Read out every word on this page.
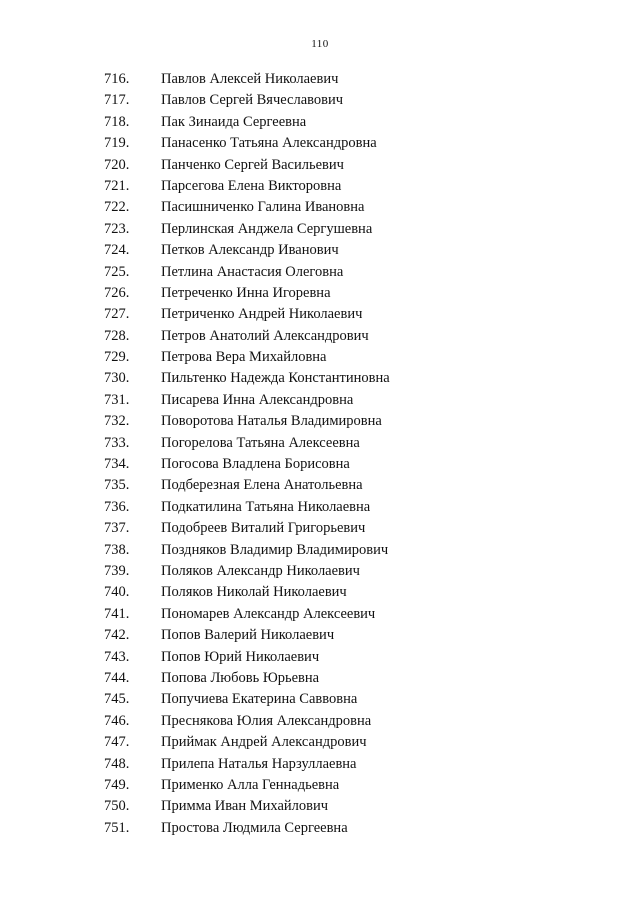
110
716. Павлов Алексей Николаевич
717. Павлов Сергей Вячеславович
718. Пак Зинаида Сергеевна
719. Панасенко Татьяна Александровна
720. Панченко Сергей Васильевич
721. Парсегова Елена Викторовна
722. Пасишниченко Галина Ивановна
723. Перлинская Анджела Сергушевна
724. Петков Александр Иванович
725. Петлина Анастасия Олеговна
726. Петреченко Инна Игоревна
727. Петриченко Андрей Николаевич
728. Петров Анатолий Александрович
729. Петрова Вера Михайловна
730. Пильтенко Надежда Константиновна
731. Писарева Инна Александровна
732. Поворотова Наталья Владимировна
733. Погорелова Татьяна Алексеевна
734. Погосова Владлена Борисовна
735. Подберезная Елена Анатольевна
736. Подкатилина Татьяна Николаевна
737. Подобреев Виталий Григорьевич
738. Поздняков Владимир Владимирович
739. Поляков Александр Николаевич
740. Поляков Николай Николаевич
741. Пономарев Александр Алексеевич
742. Попов Валерий Николаевич
743. Попов Юрий Николаевич
744. Попова Любовь Юрьевна
745. Попучиева Екатерина Саввовна
746. Преснякова Юлия Александровна
747. Приймак Андрей Александрович
748. Прилепа Наталья Нарзуллаевна
749. Применко Алла Геннадьевна
750. Примма Иван Михайлович
751. Простова Людмила Сергеевна
